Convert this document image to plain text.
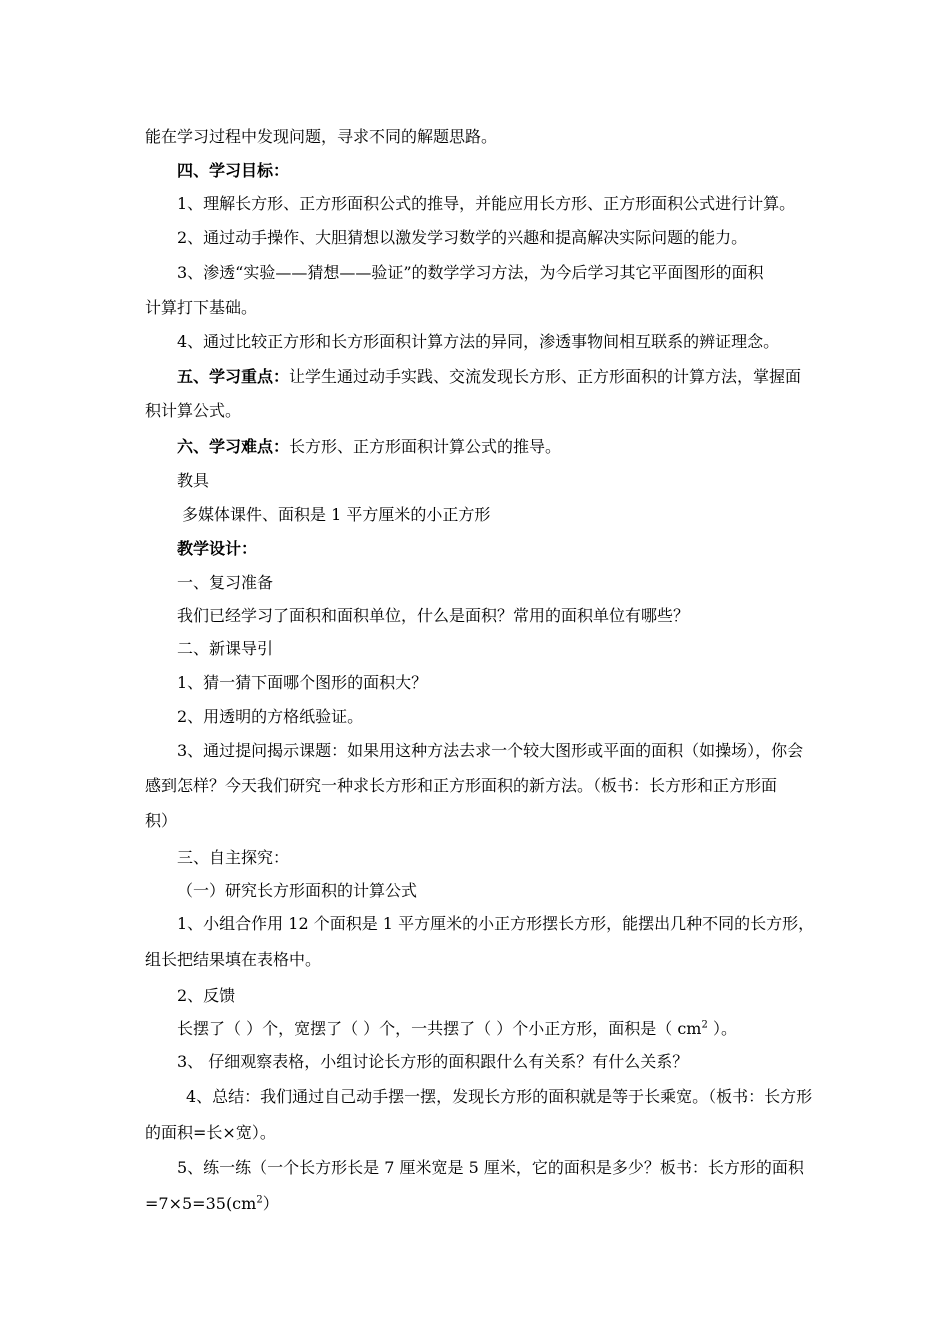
能在学习过程中发现问题，寻求不同的解题思路。
四、学习目标：
1、理解长方形、正方形面积公式的推导，并能应用长方形、正方形面积公式进行计算。
2、通过动手操作、大胆猜想以激发学习数学的兴趣和提高解决实际问题的能力。
3、渗透“实验——猜想——验证”的数学学习方法，为今后学习其它平面图形的面积
计算打下基础。
4、通过比较正方形和长方形面积计算方法的异同，渗透事物间相互联系的辨证理念。
五、学习重点：让学生通过动手实践、交流发现长方形、正方形面积的计算方法，掌握面
积计算公式。
六、学习难点：长方形、正方形面积计算公式的推导。
教具
多媒体课件、面积是 1 平方厘米的小正方形
教学设计：
一、复习准备
我们已经学习了面积和面积单位，什么是面积？常用的面积单位有哪些？
二、新课导引
1、猜一猜下面哪个图形的面积大？
2、用透明的方格纸验证。
3、通过提问揭示课题：如果用这种方法去求一个较大图形或平面的面积（如操场），你会
感到怎样？今天我们研究一种求长方形和正方形面积的新方法。（板书：长方形和正方形面
积）
三、自主探究：
（一）研究长方形面积的计算公式
1、小组合作用 12 个面积是 1 平方厘米的小正方形摆长方形，能摆出几种不同的长方形，
组长把结果填在表格中。
2、反馈
长摆了（ ）个，宽摆了（ ）个，一共摆了（ ）个小正方形，面积是（ $cm^2$ ）。
3、 仔细观察表格，小组讨论长方形的面积跟什么有关系？有什么关系？
4、总结：我们通过自己动手摆一摆，发现长方形的面积就是等于长乘宽。（板书：长方形
的面积=长×宽）。
5、练一练（一个长方形长是 7 厘米宽是 5 厘米，它的面积是多少？板书：长方形的面积
$=7\times 5=35(cm^2)$
